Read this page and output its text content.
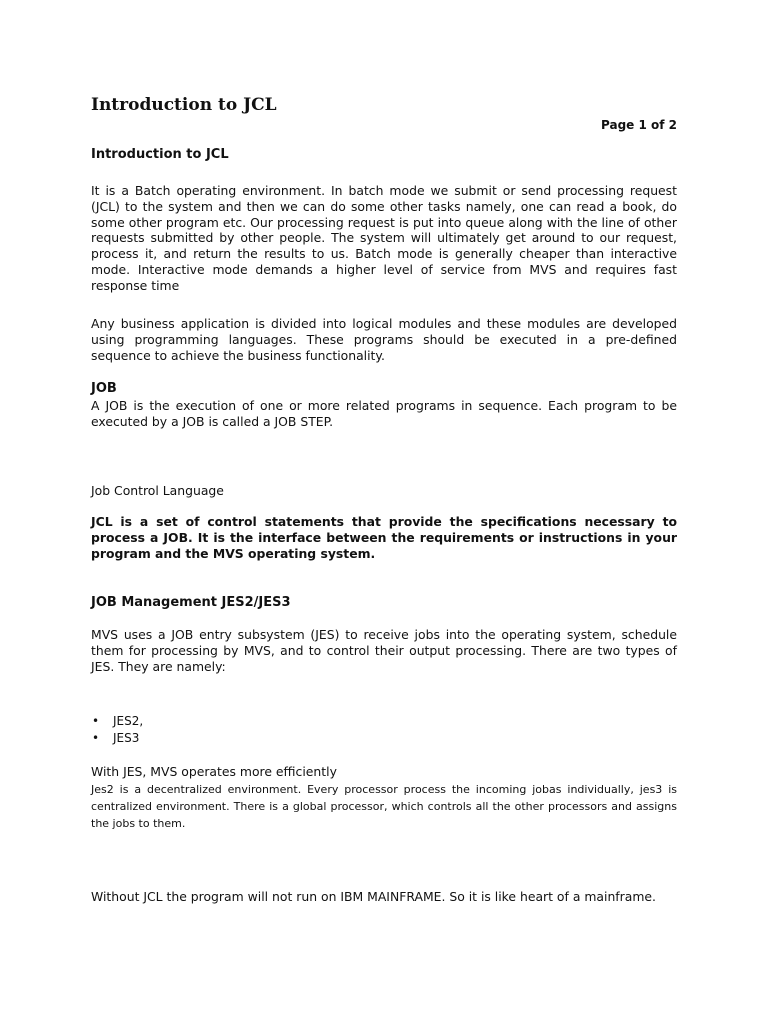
Introduction to JCL
Page 1 of 2
Introduction to JCL

It is a Batch operating environment. In batch mode we submit or send processing request (JCL) to the system and then we can do some other tasks namely, one can read a book, do some other program etc. Our processing request is put into queue along with the line of other requests submitted by other people. The system will ultimately get around to our request, process it, and return the results to us. Batch mode is generally cheaper than interactive mode. Interactive mode demands a higher level of service from MVS and requires fast response time

Any business application is divided into logical modules and these modules are developed using programming languages. These programs should be executed in a pre-defined sequence to achieve the business functionality.

JOB

A JOB is the execution of one or more related programs in sequence. Each program to be executed by a JOB is called a JOB STEP.

Job Control Language

JCL is a set of control statements that provide the specifications necessary to process a JOB. It is the interface between the requirements or instructions in your program and the MVS operating system.

JOB Management JES2/JES3

MVS uses a JOB entry subsystem (JES) to receive jobs into the operating system, schedule them for processing by MVS, and to control their output processing. There are two types of JES. They are namely:

• JES2,
• JES3

With JES, MVS operates more efficiently

Jes2 is a decentralized environment. Every processor process the incoming jobas individually, jes3 is centralized environment. There is a global processor, which controls all the other processors and assigns the jobs to them.

Without JCL the program will not run on IBM MAINFRAME. So it is like heart of a mainframe.
